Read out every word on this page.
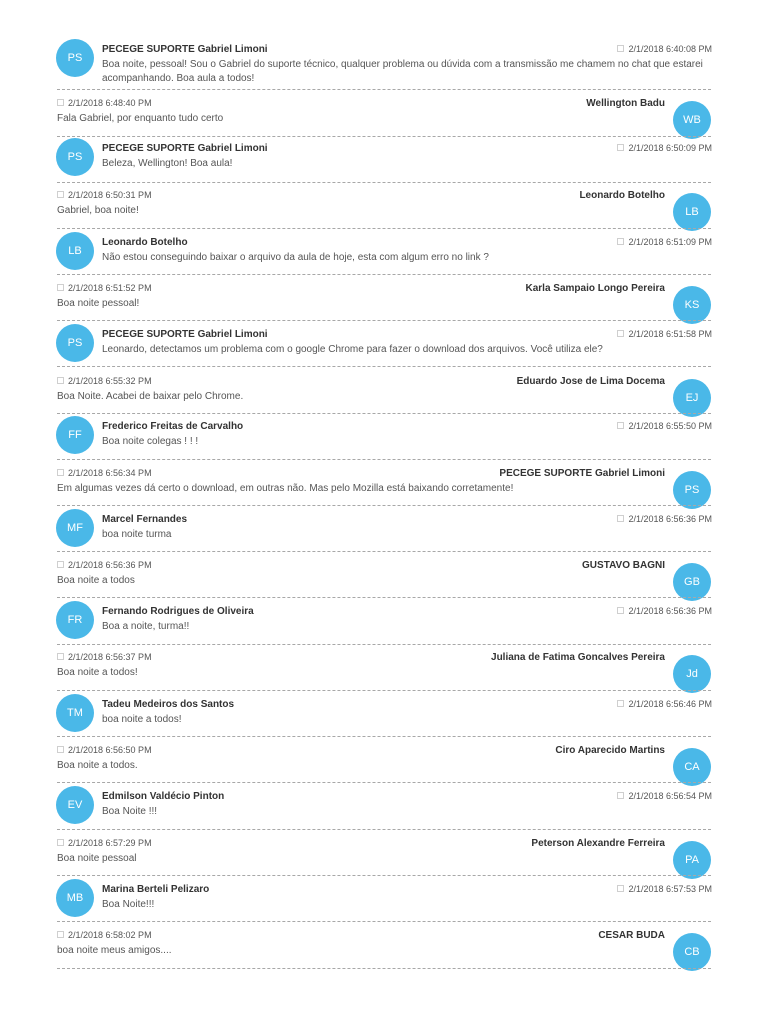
PS
PECEGE SUPORTE Gabriel Limoni	2/1/2018 6:40:08 PM
Boa noite, pessoal! Sou o Gabriel do suporte técnico, qualquer problema ou dúvida com a transmissão me chamem no chat que estarei acompanhando. Boa aula a todos!
WB
Wellington Badu
2/1/2018 6:48:40 PM
Fala Gabriel, por enquanto tudo certo
PS
PECEGE SUPORTE Gabriel Limoni	2/1/2018 6:50:09 PM
Beleza, Wellington! Boa aula!
LB
Leonardo Botelho
2/1/2018 6:50:31 PM
Gabriel, boa noite!
LB
Leonardo Botelho	2/1/2018 6:51:09 PM
Não estou conseguindo baixar o arquivo da aula de hoje, esta com algum erro no link ?
KS
Karla Sampaio Longo Pereira
2/1/2018 6:51:52 PM
Boa noite pessoal!
PS
PECEGE SUPORTE Gabriel Limoni	2/1/2018 6:51:58 PM
Leonardo, detectamos um problema com o google Chrome para fazer o download dos arquivos. Você utiliza ele?
EJ
Eduardo Jose de Lima Docema
2/1/2018 6:55:32 PM
Boa Noite. Acabei de baixar pelo Chrome.
FF
Frederico Freitas de Carvalho	2/1/2018 6:55:50 PM
Boa noite colegas ! ! !
PS
PECEGE SUPORTE Gabriel Limoni
2/1/2018 6:56:34 PM
Em algumas vezes dá certo o download, em outras não. Mas pelo Mozilla está baixando corretamente!
MF
Marcel Fernandes	2/1/2018 6:56:36 PM
boa noite turma
GB
GUSTAVO BAGNI
2/1/2018 6:56:36 PM
Boa noite a todos
FR
Fernando Rodrigues de Oliveira	2/1/2018 6:56:36 PM
Boa a noite, turma!!
Jd
Juliana de Fatima Goncalves Pereira
2/1/2018 6:56:37 PM
Boa noite a todos!
TM
Tadeu Medeiros dos Santos	2/1/2018 6:56:46 PM
boa noite a todos!
CA
Ciro Aparecido Martins
2/1/2018 6:56:50 PM
Boa noite a todos.
EV
Edmilson Valdécio Pinton	2/1/2018 6:56:54 PM
Boa Noite !!!
PA
Peterson Alexandre Ferreira
2/1/2018 6:57:29 PM
Boa noite pessoal
MB
Marina Berteli Pelizaro	2/1/2018 6:57:53 PM
Boa Noite!!!
CB
CESAR BUDA
2/1/2018 6:58:02 PM
boa noite meus amigos....
